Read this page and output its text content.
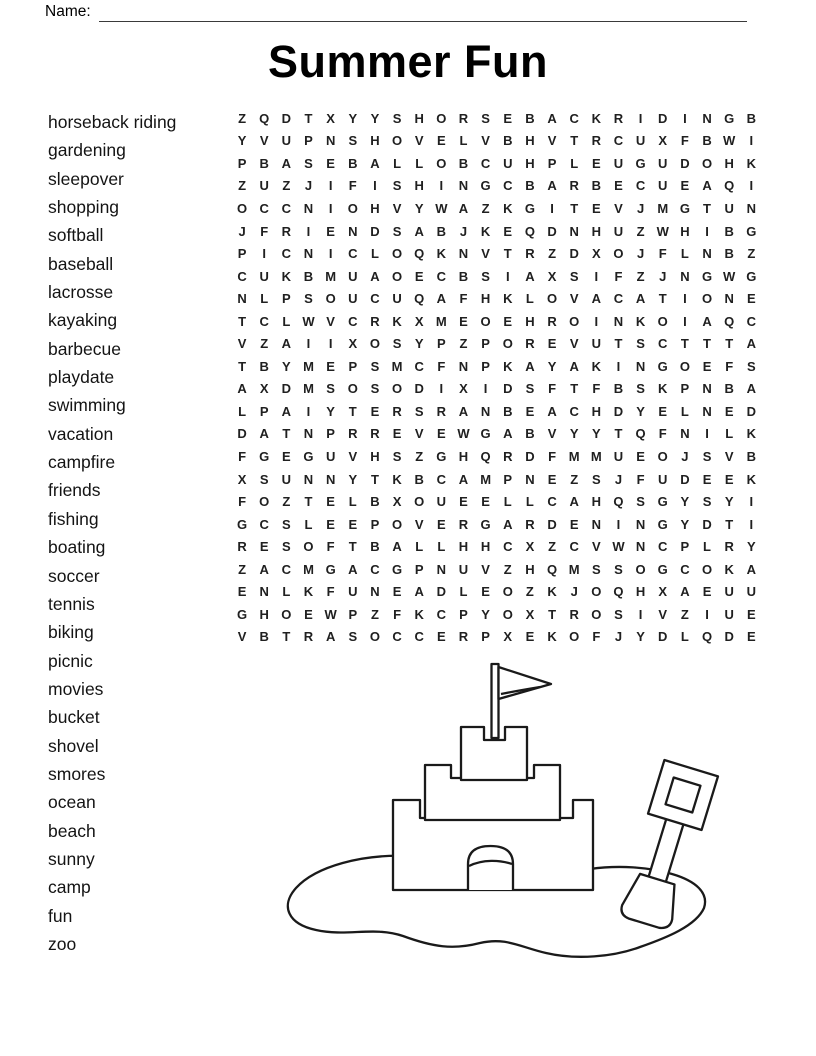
Name:
Summer Fun
horseback riding
gardening
sleepover
shopping
softball
baseball
lacrosse
kayaking
barbecue
playdate
swimming
vacation
campfire
friends
fishing
boating
soccer
tennis
biking
picnic
movies
bucket
shovel
smores
ocean
beach
sunny
camp
fun
zoo
Z	Q D	T	X	Y	Y	S	H O R	S	E	B A C K R	I	D	I	N G B
Y	V	U	P	N	S	H O V	E	L	V	B H	V	T	R C U	X	F	B W	I
P	B A	S	E	B A	L	L	O B C U H	P	L	E	U G U D O H K
Z	U	Z	J	I	F	I	S	H	I	N G C B A R B	E	C U	E	A Q	I
O C C N	I	O H	V	Y W A	Z	K G	I	T	E	V	J	M G	T	U N
J	F	R	I	E	N D	S	A B	J	K	E Q D N H U	Z W H	I	B G
P	I	C N	I	C	L	O Q K N	V	T	R	Z	D	X O	J	F	L	N B	Z
C U K B M U A O E	C B	S	I	A	X	S	I	F	Z	J	N G W G
N	L	P	S O U C U Q A	F	H K	L	O V	A C A	T	I	O N	E
T	C	L W V	C R K	X M E O E	H R O	I	N K O	I	A Q C
V	Z	A	I	I	X O S	Y	P	Z	P O R	E	V	U	T	S	C	T	T	T	A
T	B	Y M E	P	S M C	F	N	P	K A	Y	A K	I	N G O E	F	S
A	X	D M S O S O D	I	X	I	D	S	F	T	F	B	S	K	P	N B A
L	P	A	I	Y	T	E	R	S	R A N B	E	A C H D	Y	E	L	N	E	D
D A	T	N	P	R R	E	V	E W G A B	V	Y	Y	T	Q	F	N	I	L	K
F	G E G U	V	H	S	Z	G H Q R D	F M M U	E O	J	S	V	B
X	S	U N N	Y	T	K B C A M P	N	E	Z	S	J	F	U D	E	E	K
F	O	Z	T	E	L	B	X O U	E	E	L	L	C A H Q S G Y	S	Y	I
G C	S	L	E	E	P O V	E	R G A R D	E	N	I	N G Y	D	T	I
R	E	S O	F	T	B A	L	L	H H C	X	Z	C	V W N C	P	L	R	Y
Z	A C M G A C G P	N U	V	Z	H Q M S	S O G C O K A
E	N	L	K	F	U N	E	A D	L	E O	Z	K	J	O Q H	X	A	E	U U
G H O E W P	Z	F	K C	P	Y O X	T	R O S	I	V	Z	I	U	E
V	B	T	R A	S O C C	E	R	P	X	E	K O	F	J	Y	D	L	Q D	E
